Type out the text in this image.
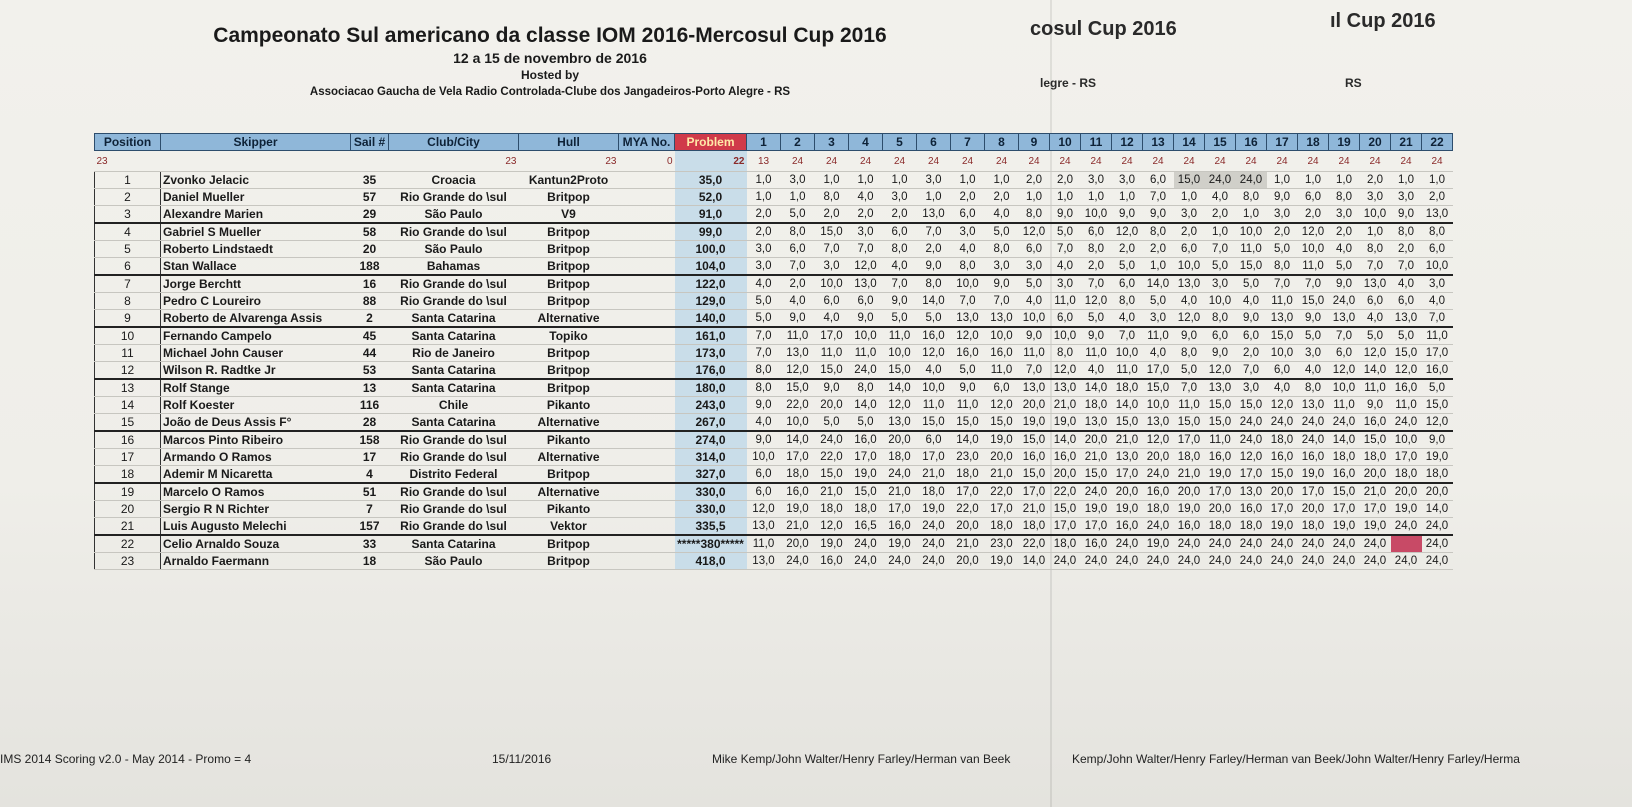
Campeonato Sul americano da classe IOM 2016-Mercosul Cup 2016
12 a 15 de novembro de 2016
Hosted by
Associacao Gaucha de Vela Radio Controlada-Clube dos Jangadeiros-Porto Alegre - RS
cosul Cup 2016	ıl Cup 2016
legre - RS	RS
Position	Skipper	Sail #	Club/City	Hull	MYA No.	Problem	1	2	3	4	5	6	7	8	9	10	11	12	13	14	15	16	17	18	19	20	21	22
23			23	23	0	22	13	24	24	24	24	24	24	24	24	24	24	24	24	24	24	24	24	24	24	24	24	24
1	Zvonko Jelacic	35	Croacia	Kantun2Proto		35,0	1,0	3,0	1,0	1,0	1,0	3,0	1,0	1,0	2,0	2,0	3,0	3,0	6,0	15,0	24,0	24,0	1,0	1,0	1,0	2,0	1,0	1,0
2	Daniel Mueller	57	Rio Grande do \sul	Britpop		52,0	1,0	1,0	8,0	4,0	3,0	1,0	2,0	2,0	1,0	1,0	1,0	1,0	7,0	1,0	4,0	8,0	9,0	6,0	8,0	3,0	3,0	2,0
3	Alexandre Marien	29	São Paulo	V9		91,0	2,0	5,0	2,0	2,0	2,0	13,0	6,0	4,0	8,0	9,0	10,0	9,0	9,0	3,0	2,0	1,0	3,0	2,0	3,0	10,0	9,0	13,0
4	Gabriel S Mueller	58	Rio Grande do \sul	Britpop		99,0	2,0	8,0	15,0	3,0	6,0	7,0	3,0	5,0	12,0	5,0	6,0	12,0	8,0	2,0	1,0	10,0	2,0	12,0	2,0	1,0	8,0	8,0
5	Roberto Lindstaedt	20	São Paulo	Britpop		100,0	3,0	6,0	7,0	7,0	8,0	2,0	4,0	8,0	6,0	7,0	8,0	2,0	2,0	6,0	7,0	11,0	5,0	10,0	4,0	8,0	2,0	6,0
6	Stan Wallace	188	Bahamas	Britpop		104,0	3,0	7,0	3,0	12,0	4,0	9,0	8,0	3,0	3,0	4,0	2,0	5,0	1,0	10,0	5,0	15,0	8,0	11,0	5,0	7,0	7,0	10,0
7	Jorge Berchtt	16	Rio Grande do \sul	Britpop		122,0	4,0	2,0	10,0	13,0	7,0	8,0	10,0	9,0	5,0	3,0	7,0	6,0	14,0	13,0	3,0	5,0	7,0	7,0	9,0	13,0	4,0	3,0
8	Pedro C Loureiro	88	Rio Grande do \sul	Britpop		129,0	5,0	4,0	6,0	6,0	9,0	14,0	7,0	7,0	4,0	11,0	12,0	8,0	5,0	4,0	10,0	4,0	11,0	15,0	24,0	6,0	6,0	4,0
9	Roberto de Alvarenga Assis	2	Santa Catarina	Alternative		140,0	5,0	9,0	4,0	9,0	5,0	5,0	13,0	13,0	10,0	6,0	5,0	4,0	3,0	12,0	8,0	9,0	13,0	9,0	13,0	4,0	13,0	7,0
10	Fernando Campelo	45	Santa Catarina	Topiko		161,0	7,0	11,0	17,0	10,0	11,0	16,0	12,0	10,0	9,0	10,0	9,0	7,0	11,0	9,0	6,0	6,0	15,0	5,0	7,0	5,0	5,0	11,0
11	Michael John Causer	44	Rio de Janeiro	Britpop		173,0	7,0	13,0	11,0	11,0	10,0	12,0	16,0	16,0	11,0	8,0	11,0	10,0	4,0	8,0	9,0	2,0	10,0	3,0	6,0	12,0	15,0	17,0
12	Wilson R. Radtke Jr	53	Santa Catarina	Britpop		176,0	8,0	12,0	15,0	24,0	15,0	4,0	5,0	11,0	7,0	12,0	4,0	11,0	17,0	5,0	12,0	7,0	6,0	4,0	12,0	14,0	12,0	16,0
13	Rolf Stange	13	Santa Catarina	Britpop		180,0	8,0	15,0	9,0	8,0	14,0	10,0	9,0	6,0	13,0	13,0	14,0	18,0	15,0	7,0	13,0	3,0	4,0	8,0	10,0	11,0	16,0	5,0
14	Rolf Koester	116	Chile	Pikanto		243,0	9,0	22,0	20,0	14,0	12,0	11,0	11,0	12,0	20,0	21,0	18,0	14,0	10,0	11,0	15,0	15,0	12,0	13,0	11,0	9,0	11,0	15,0
15	João de Deus Assis F°	28	Santa Catarina	Alternative		267,0	4,0	10,0	5,0	5,0	13,0	15,0	15,0	15,0	19,0	19,0	13,0	15,0	13,0	15,0	15,0	24,0	24,0	24,0	24,0	16,0	24,0	12,0
16	Marcos Pinto Ribeiro	158	Rio Grande do \sul	Pikanto		274,0	9,0	14,0	24,0	16,0	20,0	6,0	14,0	19,0	15,0	14,0	20,0	21,0	12,0	17,0	11,0	24,0	18,0	24,0	14,0	15,0	10,0	9,0
17	Armando O Ramos	17	Rio Grande do \sul	Alternative		314,0	10,0	17,0	22,0	17,0	18,0	17,0	23,0	20,0	16,0	16,0	21,0	13,0	20,0	18,0	16,0	12,0	16,0	16,0	18,0	18,0	17,0	19,0
18	Ademir M Nicaretta	4	Distrito Federal	Britpop		327,0	6,0	18,0	15,0	19,0	24,0	21,0	18,0	21,0	15,0	20,0	15,0	17,0	24,0	21,0	19,0	17,0	15,0	19,0	16,0	20,0	18,0	18,0
19	Marcelo O Ramos	51	Rio Grande do \sul	Alternative		330,0	6,0	16,0	21,0	15,0	21,0	18,0	17,0	22,0	17,0	22,0	24,0	20,0	16,0	20,0	17,0	13,0	20,0	17,0	15,0	21,0	20,0	20,0
20	Sergio R N Richter	7	Rio Grande do \sul	Pikanto		330,0	12,0	19,0	18,0	18,0	17,0	19,0	22,0	17,0	21,0	15,0	19,0	19,0	18,0	19,0	20,0	16,0	17,0	20,0	17,0	17,0	19,0	14,0
21	Luis Augusto Melechi	157	Rio Grande do \sul	Vektor		335,5	13,0	21,0	12,0	16,5	16,0	24,0	20,0	18,0	18,0	17,0	17,0	16,0	24,0	16,0	18,0	18,0	19,0	18,0	19,0	19,0	24,0	24,0
22	Celio Arnaldo Souza	33	Santa Catarina	Britpop		*****380*****	11,0	20,0	19,0	24,0	19,0	24,0	21,0	23,0	22,0	18,0	16,0	24,0	19,0	24,0	24,0	24,0	24,0	24,0	24,0	24,0		24,0
23	Arnaldo Faermann	18	São Paulo	Britpop		418,0	13,0	24,0	16,0	24,0	24,0	24,0	20,0	19,0	14,0	24,0	24,0	24,0	24,0	24,0	24,0	24,0	24,0	24,0	24,0	24,0	24,0	24,0
IMS 2014 Scoring v2.0 - May 2014 - Promo = 4	15/11/2016	Mike Kemp/John Walter/Henry Farley/Herman van Beek	Kemp/John Walter/Henry Farley/Herman van Beek/John Walter/Henry Farley/Herma
